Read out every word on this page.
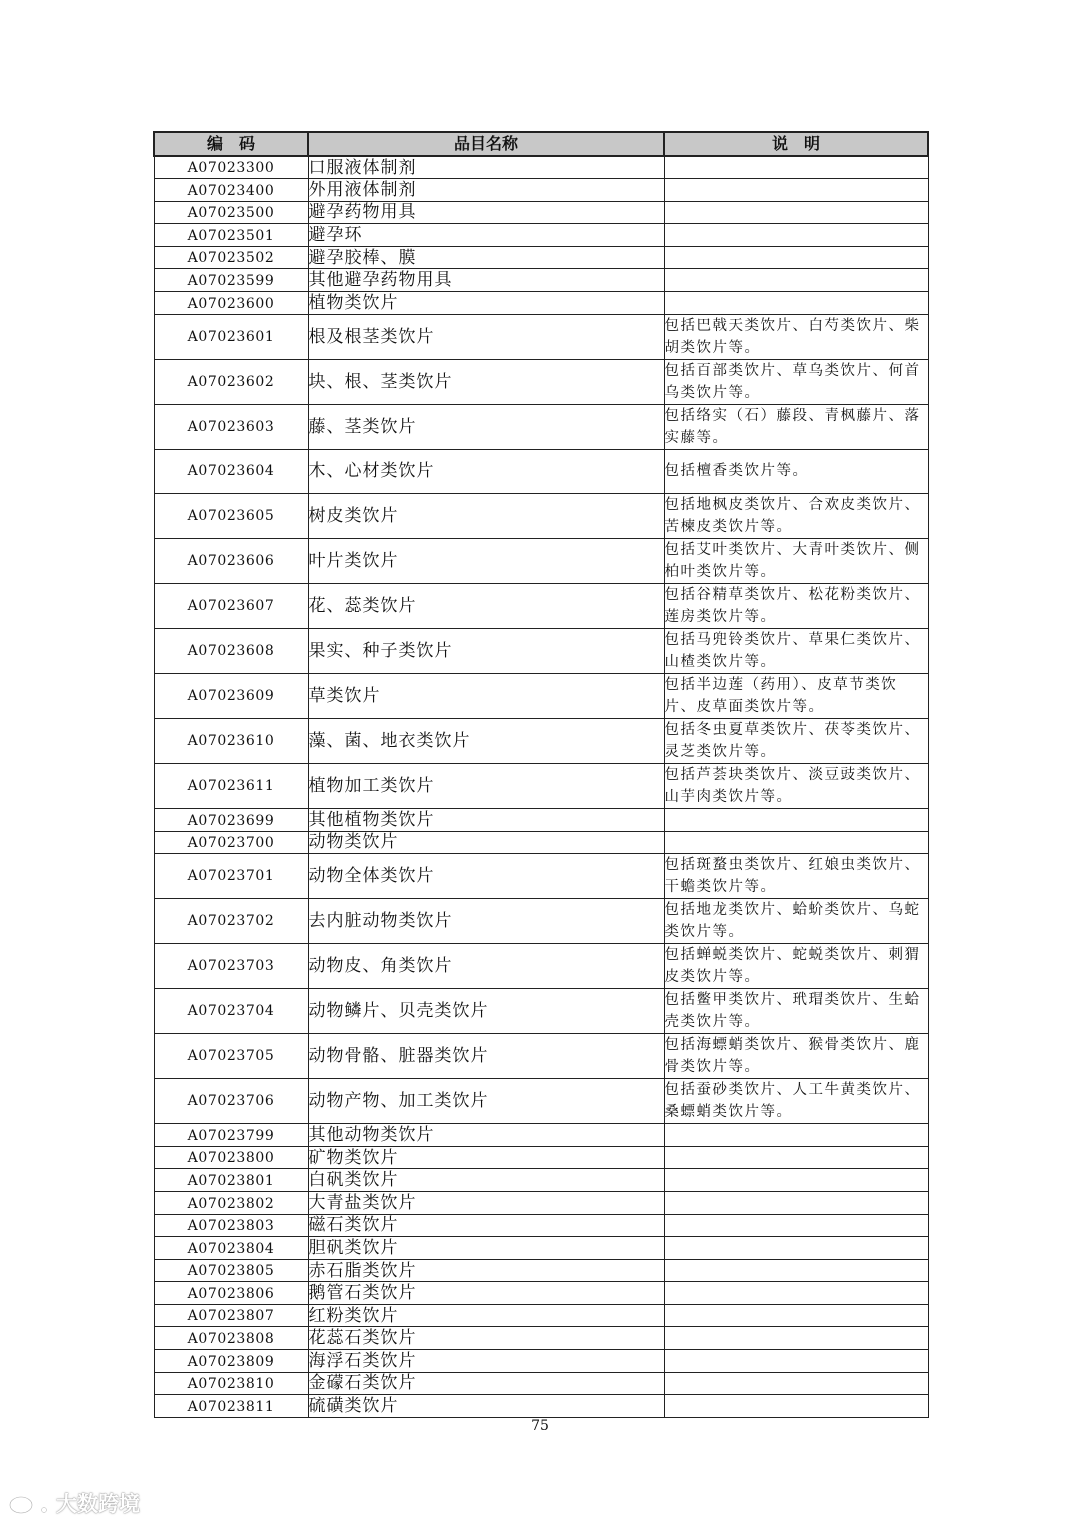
编　码	品目名称	说　明
A07023300	口服液体制剂	
A07023400	外用液体制剂	
A07023500	避孕药物用具	
A07023501	避孕环	
A07023502	避孕胶棒、膜	
A07023599	其他避孕药物用具	
A07023600	植物类饮片	
A07023601	根及根茎类饮片	包括巴戟天类饮片、白芍类饮片、柴胡类饮片等。
A07023602	块、根、茎类饮片	包括百部类饮片、草乌类饮片、何首乌类饮片等。
A07023603	藤、茎类饮片	包括络实（石）藤段、青枫藤片、落实藤等。
A07023604	木、心材类饮片	包括檀香类饮片等。
A07023605	树皮类饮片	包括地枫皮类饮片、合欢皮类饮片、苦楝皮类饮片等。
A07023606	叶片类饮片	包括艾叶类饮片、大青叶类饮片、侧柏叶类饮片等。
A07023607	花、蕊类饮片	包括谷精草类饮片、松花粉类饮片、莲房类饮片等。
A07023608	果实、种子类饮片	包括马兜铃类饮片、草果仁类饮片、山楂类饮片等。
A07023609	草类饮片	包括半边莲（药用）、皮草节类饮片、皮草面类饮片等。
A07023610	藻、菌、地衣类饮片	包括冬虫夏草类饮片、茯苓类饮片、灵芝类饮片等。
A07023611	植物加工类饮片	包括芦荟块类饮片、淡豆豉类饮片、山芋肉类饮片等。
A07023699	其他植物类饮片	
A07023700	动物类饮片	
A07023701	动物全体类饮片	包括斑蝥虫类饮片、红娘虫类饮片、干蟾类饮片等。
A07023702	去内脏动物类饮片	包括地龙类饮片、蛤蚧类饮片、乌蛇类饮片等。
A07023703	动物皮、角类饮片	包括蝉蜕类饮片、蛇蜕类饮片、刺猬皮类饮片等。
A07023704	动物鳞片、贝壳类饮片	包括鳖甲类饮片、玳瑁类饮片、生蛤壳类饮片等。
A07023705	动物骨骼、脏器类饮片	包括海螵蛸类饮片、猴骨类饮片、鹿骨类饮片等。
A07023706	动物产物、加工类饮片	包括蚕砂类饮片、人工牛黄类饮片、桑螵蛸类饮片等。
A07023799	其他动物类饮片	
A07023800	矿物类饮片	
A07023801	白矾类饮片	
A07023802	大青盐类饮片	
A07023803	磁石类饮片	
A07023804	胆矾类饮片	
A07023805	赤石脂类饮片	
A07023806	鹅管石类饮片	
A07023807	红粉类饮片	
A07023808	花蕊石类饮片	
A07023809	海浮石类饮片	
A07023810	金礞石类饮片	
A07023811	硫磺类饮片	
75
大数跨境
